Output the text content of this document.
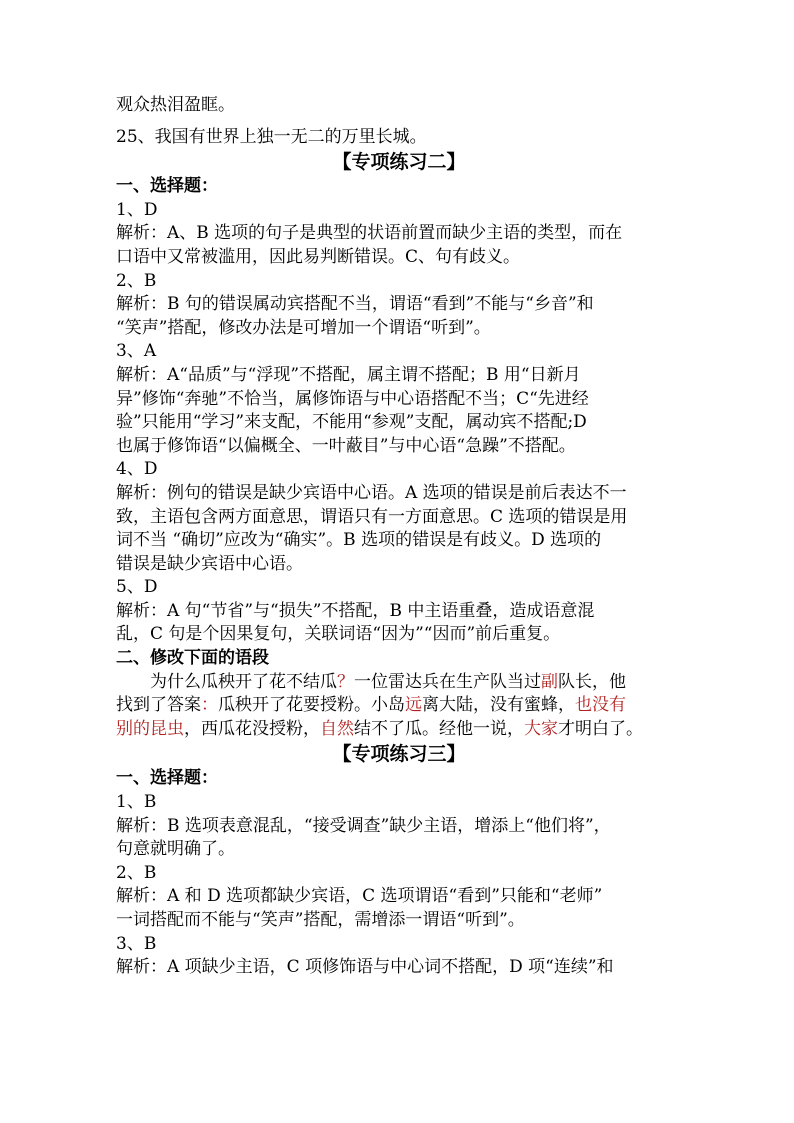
观众热泪盈眶。
25、我国有世界上独一无二的万里长城。
【专项练习二】
一、选择题：
1、D
解析：A、B 选项的句子是典型的状语前置而缺少主语的类型，而在
口语中又常被滥用，因此易判断错误。C、句有歧义。
2、B
解析：B 句的错误属动宾搭配不当，谓语“看到”不能与“乡音”和
“笑声”搭配，修改办法是可增加一个谓语“听到”。
3、A
解析：A“品质”与“浮现”不搭配，属主谓不搭配；B 用“日新月
异”修饰“奔驰”不恰当，属修饰语与中心语搭配不当；C“先进经
验”只能用“学习”来支配，不能用“参观”支配，属动宾不搭配;D
也属于修饰语“以偏概全、一叶蔽目”与中心语“急躁”不搭配。
4、D
解析：例句的错误是缺少宾语中心语。A 选项的错误是前后表达不一
致，主语包含两方面意思，谓语只有一方面意思。C 选项的错误是用
词不当 “确切”应改为“确实”。B 选项的错误是有歧义。D 选项的
错误是缺少宾语中心语。
5、D
解析：A 句“节省”与“损失”不搭配，B 中主语重叠，造成语意混
乱，C 句是个因果复句，关联词语“因为”“因而”前后重复。
二、修改下面的语段
为什么瓜秧开了花不结瓜？一位雷达兵在生产队当过副队长，他
找到了答案：瓜秧开了花要授粉。小岛远离大陆，没有蜜蜂，也没有
别的昆虫，西瓜花没授粉，自然结不了瓜。经他一说，大家才明白了。
【专项练习三】
一、选择题：
1、B
解析：B 选项表意混乱，“接受调查”缺少主语，增添上“他们将”，
句意就明确了。
2、B
解析：A 和 D 选项都缺少宾语，C 选项谓语“看到”只能和“老师”
一词搭配而不能与“笑声”搭配，需增添一谓语“听到”。
3、B
解析：A 项缺少主语，C 项修饰语与中心词不搭配，D 项“连续”和
